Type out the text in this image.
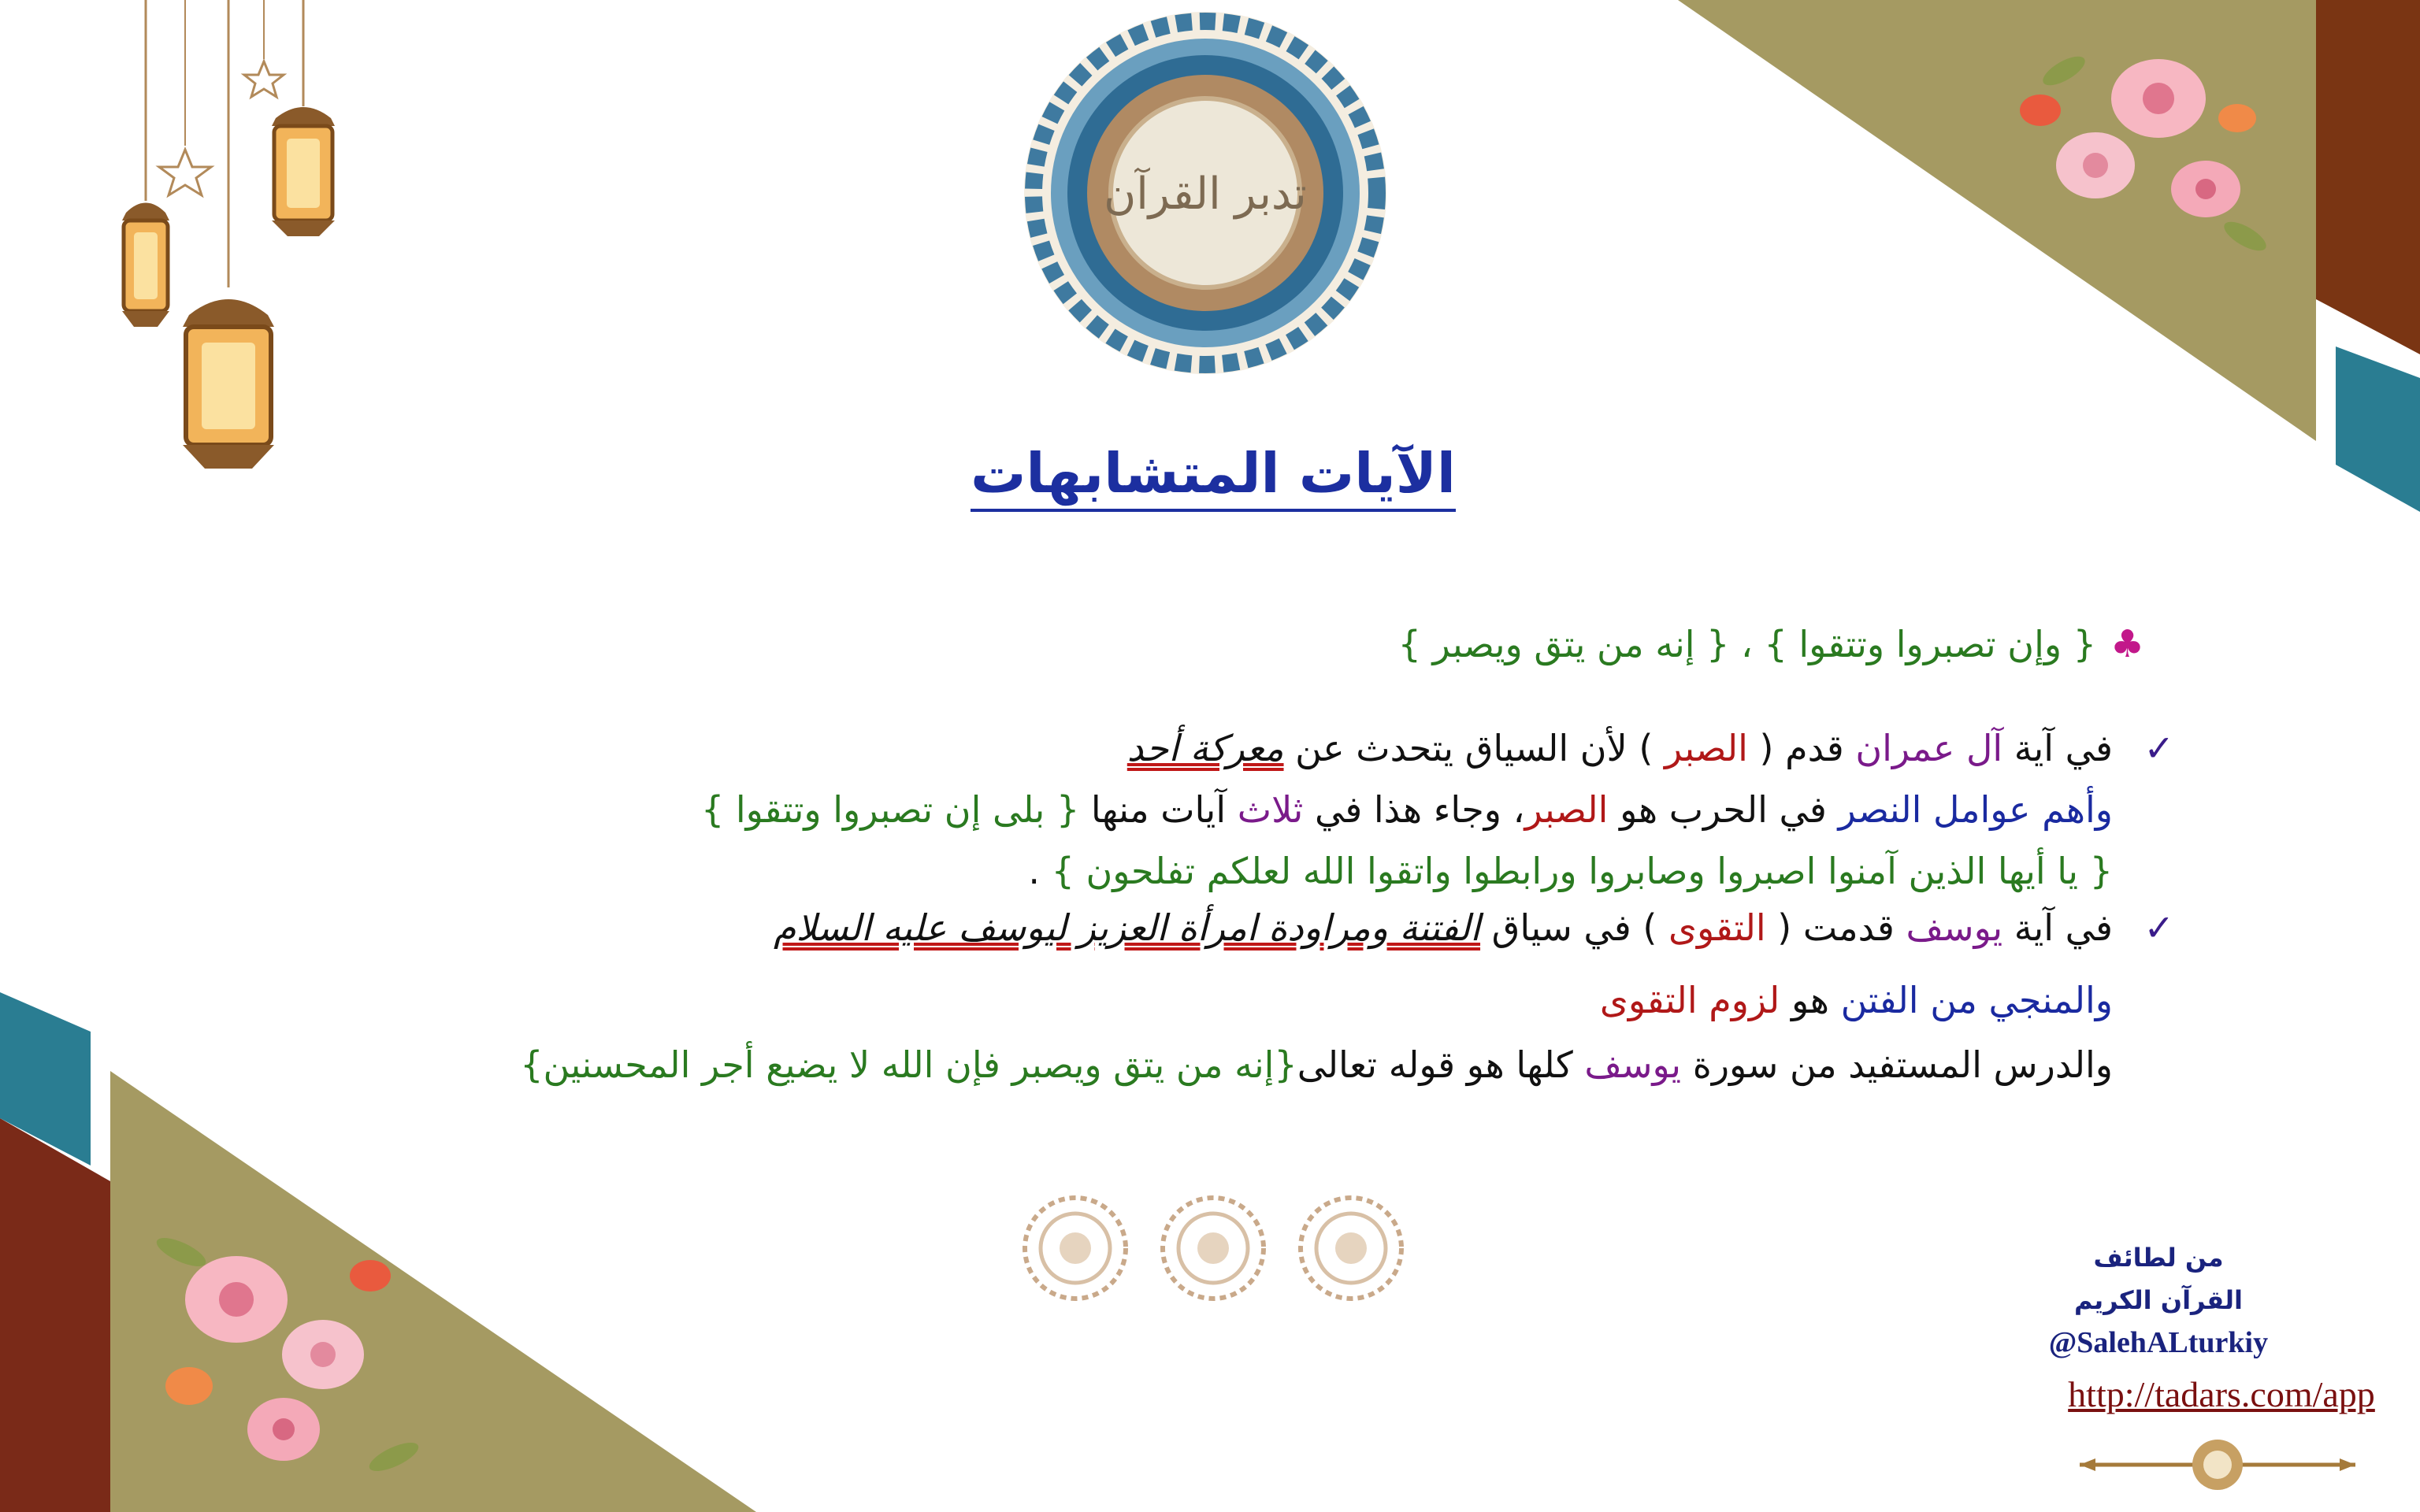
تدبر القرآن
الآيات المتشابهات
♣{ وإن تصبروا وتتقوا } ، { إنه من يتق ويصبر }
✓
في آية آل عمران قدم ( الصبر ) لأن السياق يتحدث عن معركة أحد
وأهم عوامل النصر في الحرب هو الصبر، وجاء هذا في ثلاث آيات منها { بلى إن تصبروا وتتقوا }
{ يا أيها الذين آمنوا اصبروا وصابروا ورابطوا واتقوا الله لعلكم تفلحون } .
✓
في آية يوسف قدمت ( التقوى ) في سياق الفتنة ومراودة امرأة العزيز ليوسف عليه السلام
والمنجي من الفتن هو لزوم التقوى
والدرس المستفيد من سورة يوسف كلها هو قوله تعالى{إنه من يتق ويصبر فإن الله لا يضيع أجر المحسنين}
من لطائف
القرآن الكريم
@SalehALturkiy
http://tadars.com/app
